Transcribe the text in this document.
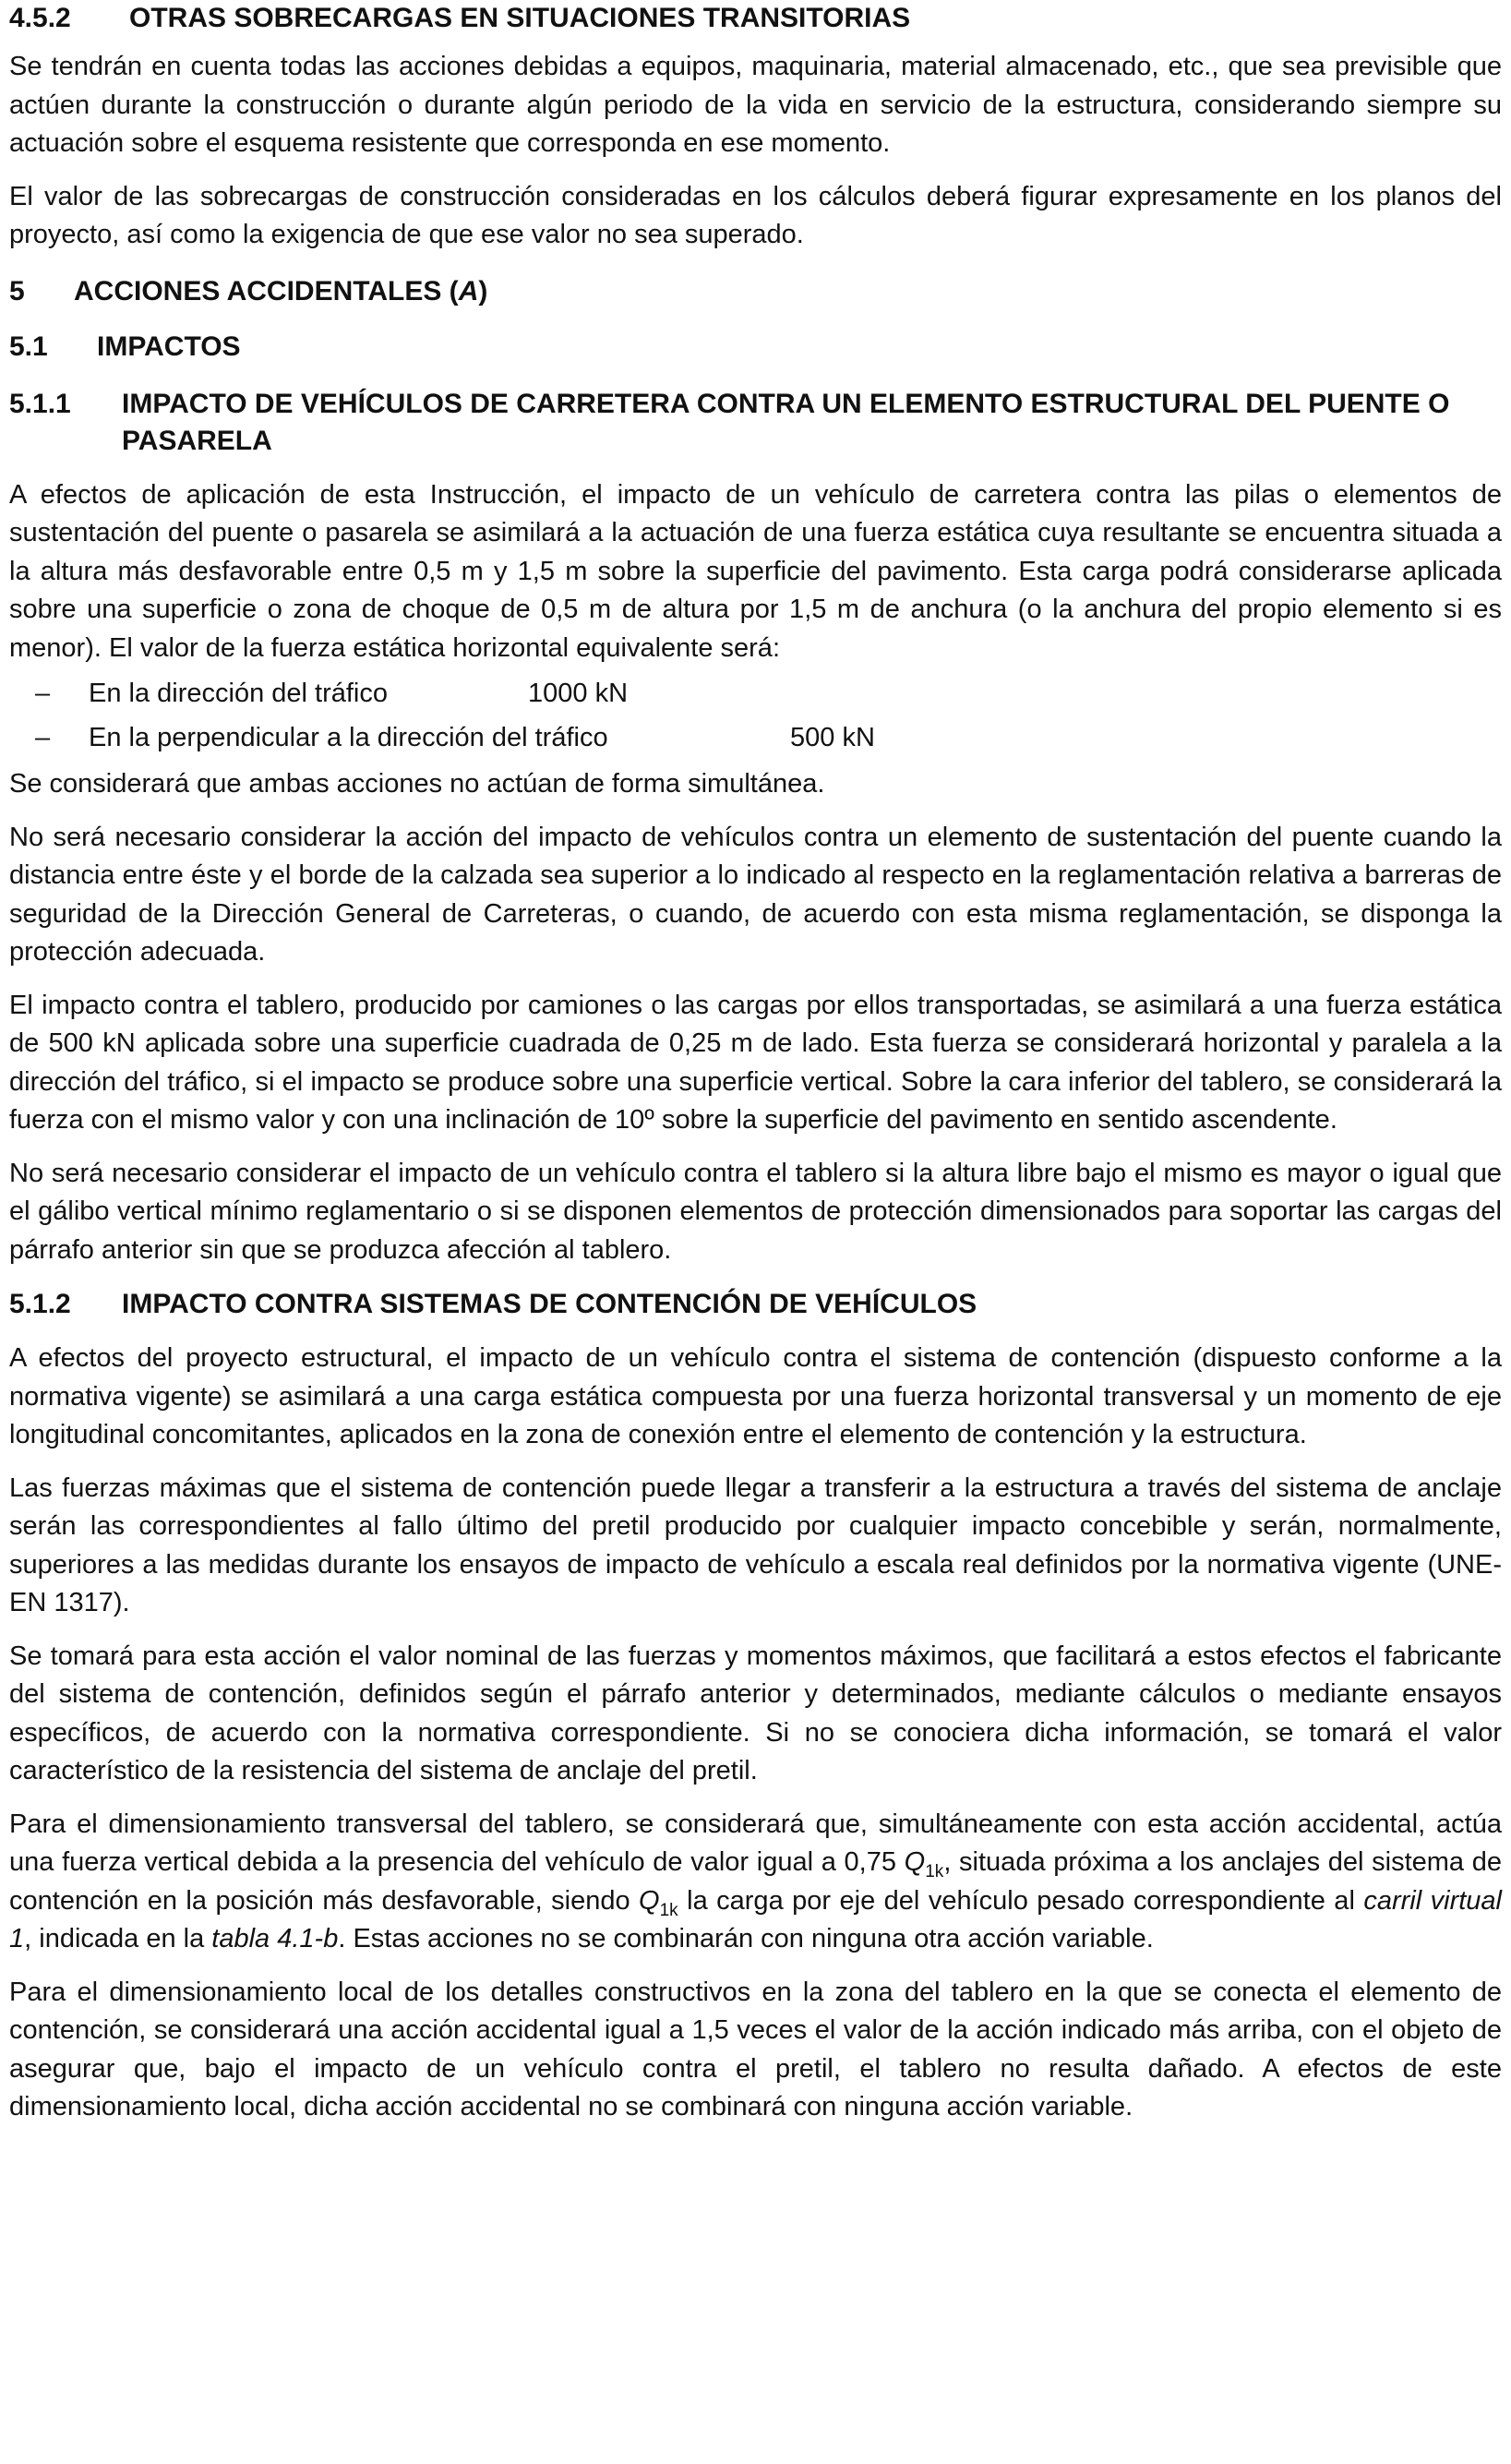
4.5.2	OTRAS SOBRECARGAS EN SITUACIONES TRANSITORIAS

Se tendrán en cuenta todas las acciones debidas a equipos, maquinaria, material almacenado, etc., que sea previsible que actúen durante la construcción o durante algún periodo de la vida en servicio de la estructura, considerando siempre su actuación sobre el esquema resistente que corresponda en ese momento.

El valor de las sobrecargas de construcción consideradas en los cálculos deberá figurar expresamente en los planos del proyecto, así como la exigencia de que ese valor no sea superado.

5	ACCIONES ACCIDENTALES (A)
5.1	IMPACTOS
5.1.1	IMPACTO DE VEHÍCULOS DE CARRETERA CONTRA UN ELEMENTO ESTRUCTURAL DEL PUENTE O PASARELA

A efectos de aplicación de esta Instrucción, el impacto de un vehículo de carretera contra las pilas o elementos de sustentación del puente o pasarela se asimilará a la actuación de una fuerza estática cuya resultante se encuentra situada a la altura más desfavorable entre 0,5 m y 1,5 m sobre la superficie del pavimento. Esta carga podrá considerarse aplicada sobre una superficie o zona de choque de 0,5 m de altura por 1,5 m de anchura (o la anchura del propio elemento si es menor). El valor de la fuerza estática horizontal equivalente será:

–	En la dirección del tráfico	1000 kN
–	En la perpendicular a la dirección del tráfico	500 kN

Se considerará que ambas acciones no actúan de forma simultánea.

No será necesario considerar la acción del impacto de vehículos contra un elemento de sustentación del puente cuando la distancia entre éste y el borde de la calzada sea superior a lo indicado al respecto en la reglamentación relativa a barreras de seguridad de la Dirección General de Carreteras, o cuando, de acuerdo con esta misma reglamentación, se disponga la protección adecuada.

El impacto contra el tablero, producido por camiones o las cargas por ellos transportadas, se asimilará a una fuerza estática de 500 kN aplicada sobre una superficie cuadrada de 0,25 m de lado. Esta fuerza se considerará horizontal y paralela a la dirección del tráfico, si el impacto se produce sobre una superficie vertical. Sobre la cara inferior del tablero, se considerará la fuerza con el mismo valor y con una inclinación de 10º sobre la superficie del pavimento en sentido ascendente.

No será necesario considerar el impacto de un vehículo contra el tablero si la altura libre bajo el mismo es mayor o igual que el gálibo vertical mínimo reglamentario o si se disponen elementos de protección dimensionados para soportar las cargas del párrafo anterior sin que se produzca afección al tablero.

5.1.2	IMPACTO CONTRA SISTEMAS DE CONTENCIÓN DE VEHÍCULOS

A efectos del proyecto estructural, el impacto de un vehículo contra el sistema de contención (dispuesto conforme a la normativa vigente) se asimilará a una carga estática compuesta por una fuerza horizontal transversal y un momento de eje longitudinal concomitantes, aplicados en la zona de conexión entre el elemento de contención y la estructura.

Las fuerzas máximas que el sistema de contención puede llegar a transferir a la estructura a través del sistema de anclaje serán las correspondientes al fallo último del pretil producido por cualquier impacto concebible y serán, normalmente, superiores a las medidas durante los ensayos de impacto de vehículo a escala real definidos por la normativa vigente (UNE-EN 1317).

Se tomará para esta acción el valor nominal de las fuerzas y momentos máximos, que facilitará a estos efectos el fabricante del sistema de contención, definidos según el párrafo anterior y determinados, mediante cálculos o mediante ensayos específicos, de acuerdo con la normativa correspondiente. Si no se conociera dicha información, se tomará el valor característico de la resistencia del sistema de anclaje del pretil.

Para el dimensionamiento transversal del tablero, se considerará que, simultáneamente con esta acción accidental, actúa una fuerza vertical debida a la presencia del vehículo de valor igual a 0,75 $Q_{1k}$, situada próxima a los anclajes del sistema de contención en la posición más desfavorable, siendo $Q_{1k}$ la carga por eje del vehículo pesado correspondiente al carril virtual 1, indicada en la tabla 4.1-b. Estas acciones no se combinarán con ninguna otra acción variable.

Para el dimensionamiento local de los detalles constructivos en la zona del tablero en la que se conecta el elemento de contención, se considerará una acción accidental igual a 1,5 veces el valor de la acción indicado más arriba, con el objeto de asegurar que, bajo el impacto de un vehículo contra el pretil, el tablero no resulta dañado. A efectos de este dimensionamiento local, dicha acción accidental no se combinará con ninguna acción variable.
